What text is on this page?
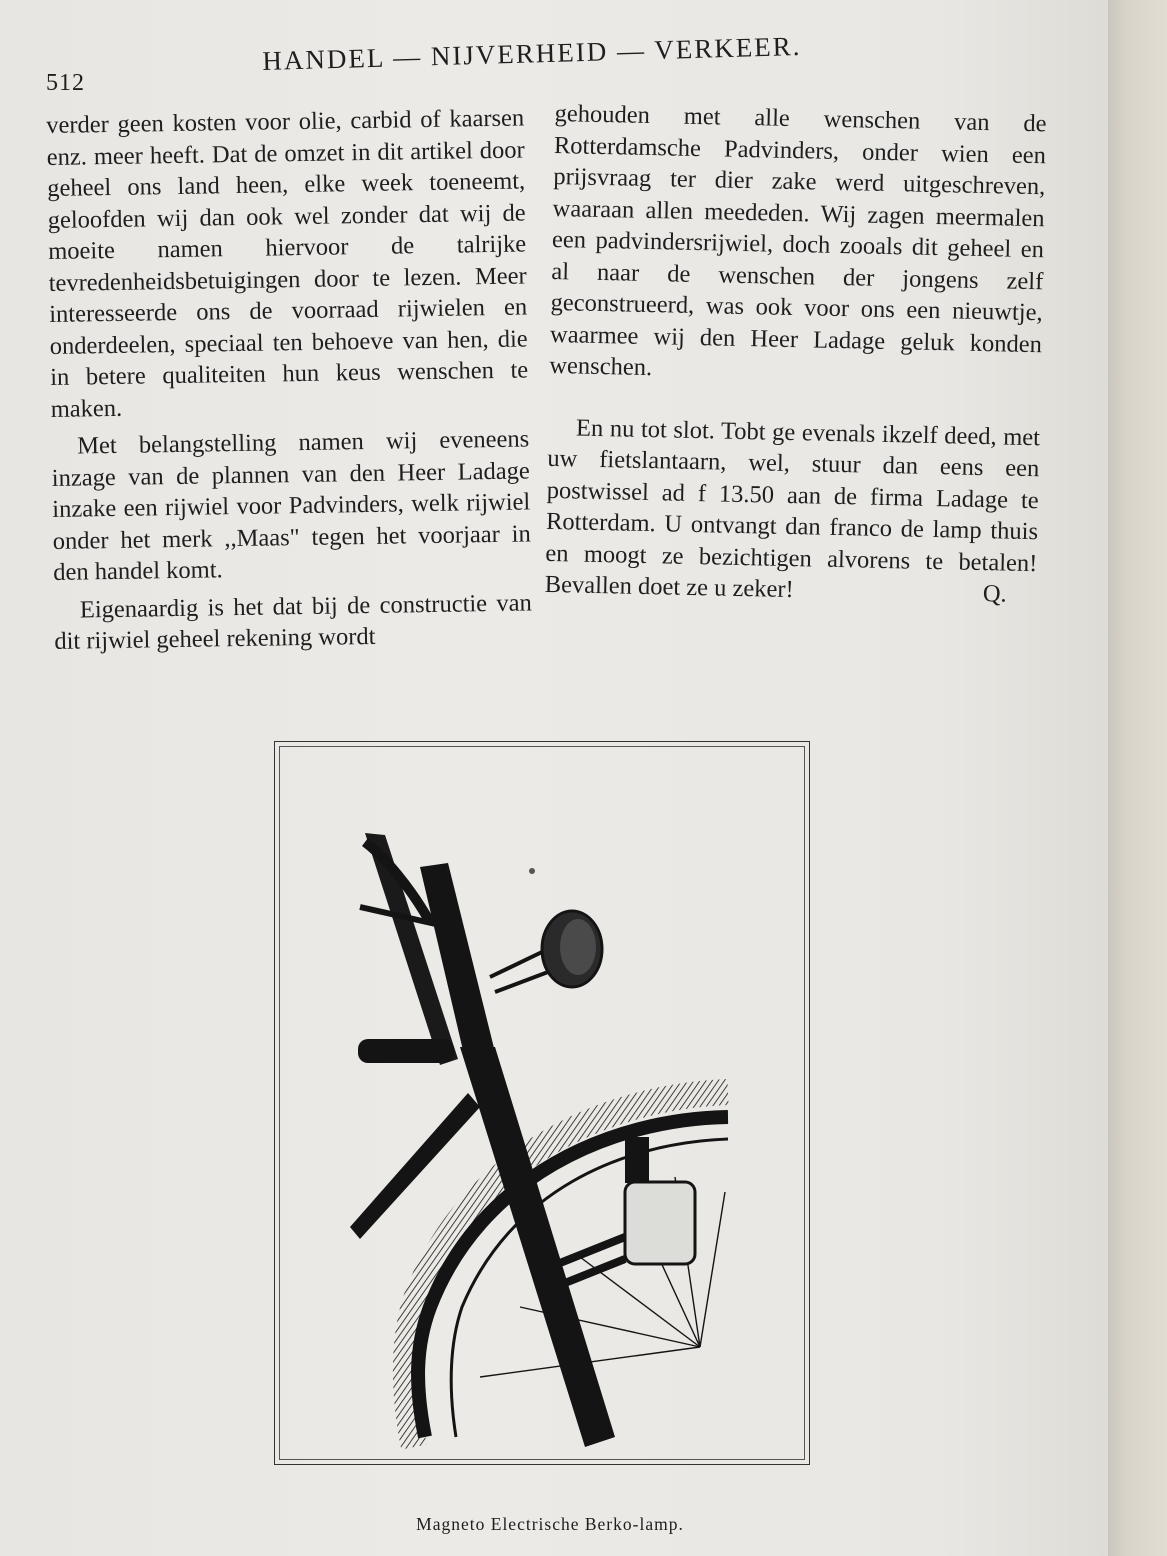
512
HANDEL — NIJVERHEID — VERKEER.

verder geen kosten voor olie, carbid of kaarsen enz. meer heeft. Dat de omzet in dit artikel door geheel ons land heen, elke week toeneemt, geloofden wij dan ook wel zonder dat wij de moeite namen hiervoor de talrijke tevredenheidsbetuigingen door te lezen. Meer interesseerde ons de voorraad rijwielen en onderdeelen, speciaal ten behoeve van hen, die in betere qualiteiten hun keus wenschen te maken.

Met belangstelling namen wij eveneens inzage van de plannen van den Heer Ladage inzake een rijwiel voor Padvinders, welk rijwiel onder het merk ,,Maas" tegen het voorjaar in den handel komt.

Eigenaardig is het dat bij de constructie van dit rijwiel geheel rekening wordt

gehouden met alle wenschen van de Rotterdamsche Padvinders, onder wien een prijsvraag ter dier zake werd uitgeschreven, waaraan allen meededen. Wij zagen meermalen een padvindersrijwiel, doch zooals dit geheel en al naar de wenschen der jongens zelf geconstrueerd, was ook voor ons een nieuwtje, waarmee wij den Heer Ladage geluk konden wenschen.

En nu tot slot. Tobt ge evenals ikzelf deed, met uw fietslantaarn, wel, stuur dan eens een postwissel ad f 13.50 aan de firma Ladage te Rotterdam. U ontvangt dan franco de lamp thuis en moogt ze bezichtigen alvorens te betalen! Bevallen doet ze u zeker!	Q.

Magneto Electrische Berko-lamp.
